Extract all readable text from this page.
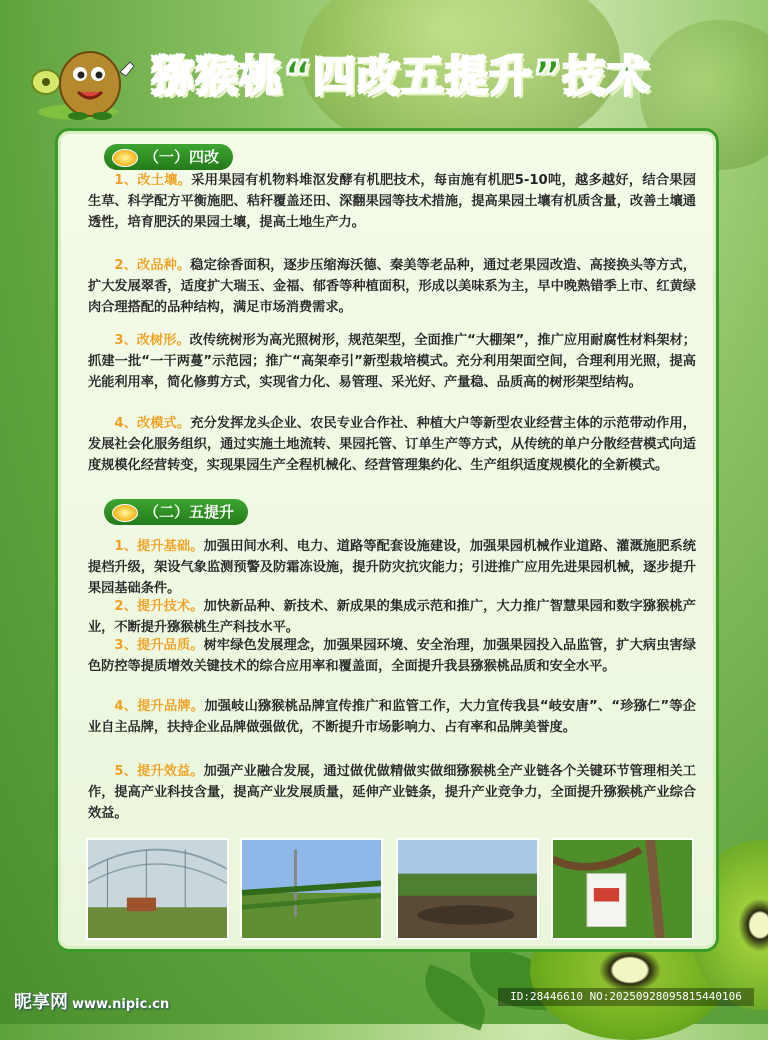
猕猴桃“四改五提升”技术
（一）四改

1、改土壤。采用果园有机物料堆沤发酵有机肥技术，每亩施有机肥5-10吨，越多越好，结合果园生草、科学配方平衡施肥、秸秆覆盖还田、深翻果园等技术措施，提高果园土壤有机质含量，改善土壤通透性，培育肥沃的果园土壤，提高土地生产力。

2、改品种。稳定徐香面积，逐步压缩海沃德、秦美等老品种，通过老果园改造、高接换头等方式，扩大发展翠香，适度扩大瑞玉、金福、郁香等种植面积，形成以美味系为主，早中晚熟错季上市、红黄绿肉合理搭配的品种结构，满足市场消费需求。

3、改树形。改传统树形为高光照树形，规范架型，全面推广“大棚架”，推广应用耐腐性材料架材；抓建一批“一干两蔓”示范园；推广“高架牵引”新型栽培模式。充分利用架面空间，合理利用光照，提高光能利用率，简化修剪方式，实现省力化、易管理、采光好、产量稳、品质高的树形架型结构。

4、改模式。充分发挥龙头企业、农民专业合作社、种植大户等新型农业经营主体的示范带动作用，发展社会化服务组织，通过实施土地流转、果园托管、订单生产等方式，从传统的单户分散经营模式向适度规模化经营转变，实现果园生产全程机械化、经营管理集约化、生产组织适度规模化的全新模式。

（二）五提升

1、提升基础。加强田间水利、电力、道路等配套设施建设，加强果园机械作业道路、灌溉施肥系统提档升级，架设气象监测预警及防霜冻设施，提升防灾抗灾能力；引进推广应用先进果园机械，逐步提升果园基础条件。

2、提升技术。加快新品种、新技术、新成果的集成示范和推广，大力推广智慧果园和数字猕猴桃产业，不断提升猕猴桃生产科技水平。

3、提升品质。树牢绿色发展理念，加强果园环境、安全治理，加强果园投入品监管，扩大病虫害绿色防控等提质增效关键技术的综合应用率和覆盖面，全面提升我县猕猴桃品质和安全水平。

4、提升品牌。加强岐山猕猴桃品牌宣传推广和监管工作，大力宣传我县“岐安唐”、“珍猕仁”等企业自主品牌，扶持企业品牌做强做优，不断提升市场影响力、占有率和品牌美誉度。

5、提升效益。加强产业融合发展，通过做优做精做实做细猕猴桃全产业链各个关键环节管理相关工作，提高产业科技含量，提高产业发展质量，延伸产业链条，提升产业竞争力，全面提升猕猴桃产业综合效益。

昵享网 www.nipic.cn
ID:28446610 NO:20250928095815440106
